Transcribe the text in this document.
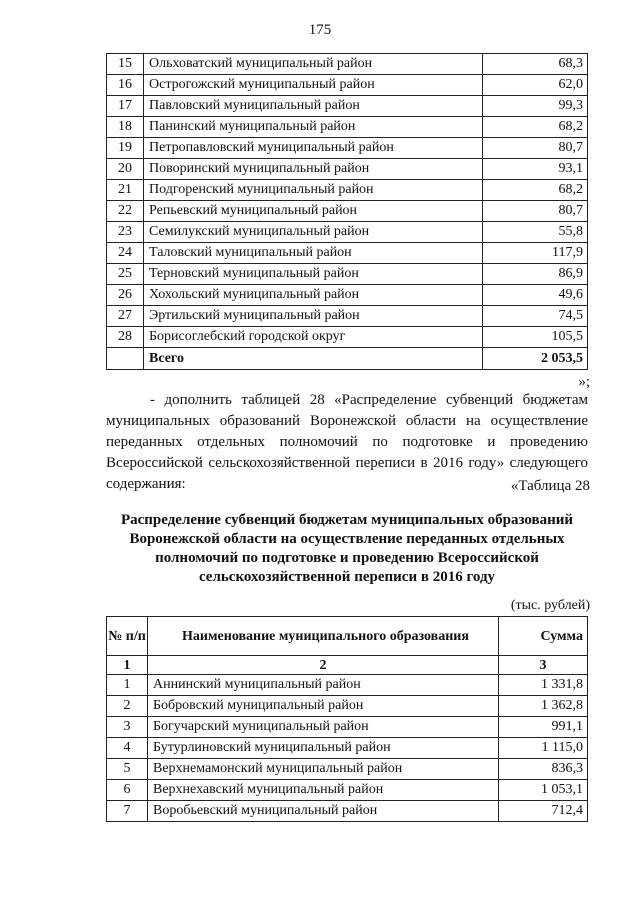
175
15	Ольховатский муниципальный район	68,3
16	Острогожский муниципальный район	62,0
17	Павловский муниципальный район	99,3
18	Панинский муниципальный район	68,2
19	Петропавловский муниципальный район	80,7
20	Поворинский муниципальный район	93,1
21	Подгоренский муниципальный район	68,2
22	Репьевский муниципальный район	80,7
23	Семилукский муниципальный район	55,8
24	Таловский муниципальный район	117,9
25	Терновский муниципальный район	86,9
26	Хохольский муниципальный район	49,6
27	Эртильский муниципальный район	74,5
28	Борисоглебский городской округ	105,5
	Всего	2 053,5
»;

- дополнить таблицей 28 «Распределение субвенций бюджетам муниципальных образований Воронежской области на осуществление переданных отдельных полномочий по подготовке и проведению Всероссийской сельскохозяйственной переписи в 2016 году» следующего содержания:	«Таблица 28
Распределение субвенций бюджетам муниципальных образований Воронежской области на осуществление переданных отдельных полномочий по подготовке и проведению Всероссийской сельскохозяйственной переписи в 2016 году
(тыс. рублей)
№ п/п	Наименование муниципального образования	Сумма
1	2	3
1	Аннинский муниципальный район	1 331,8
2	Бобровский муниципальный район	1 362,8
3	Богучарский муниципальный район	991,1
4	Бутурлиновский муниципальный район	1 115,0
5	Верхнемамонский муниципальный район	836,3
6	Верхнехавский муниципальный район	1 053,1
7	Воробьевский муниципальный район	712,4
